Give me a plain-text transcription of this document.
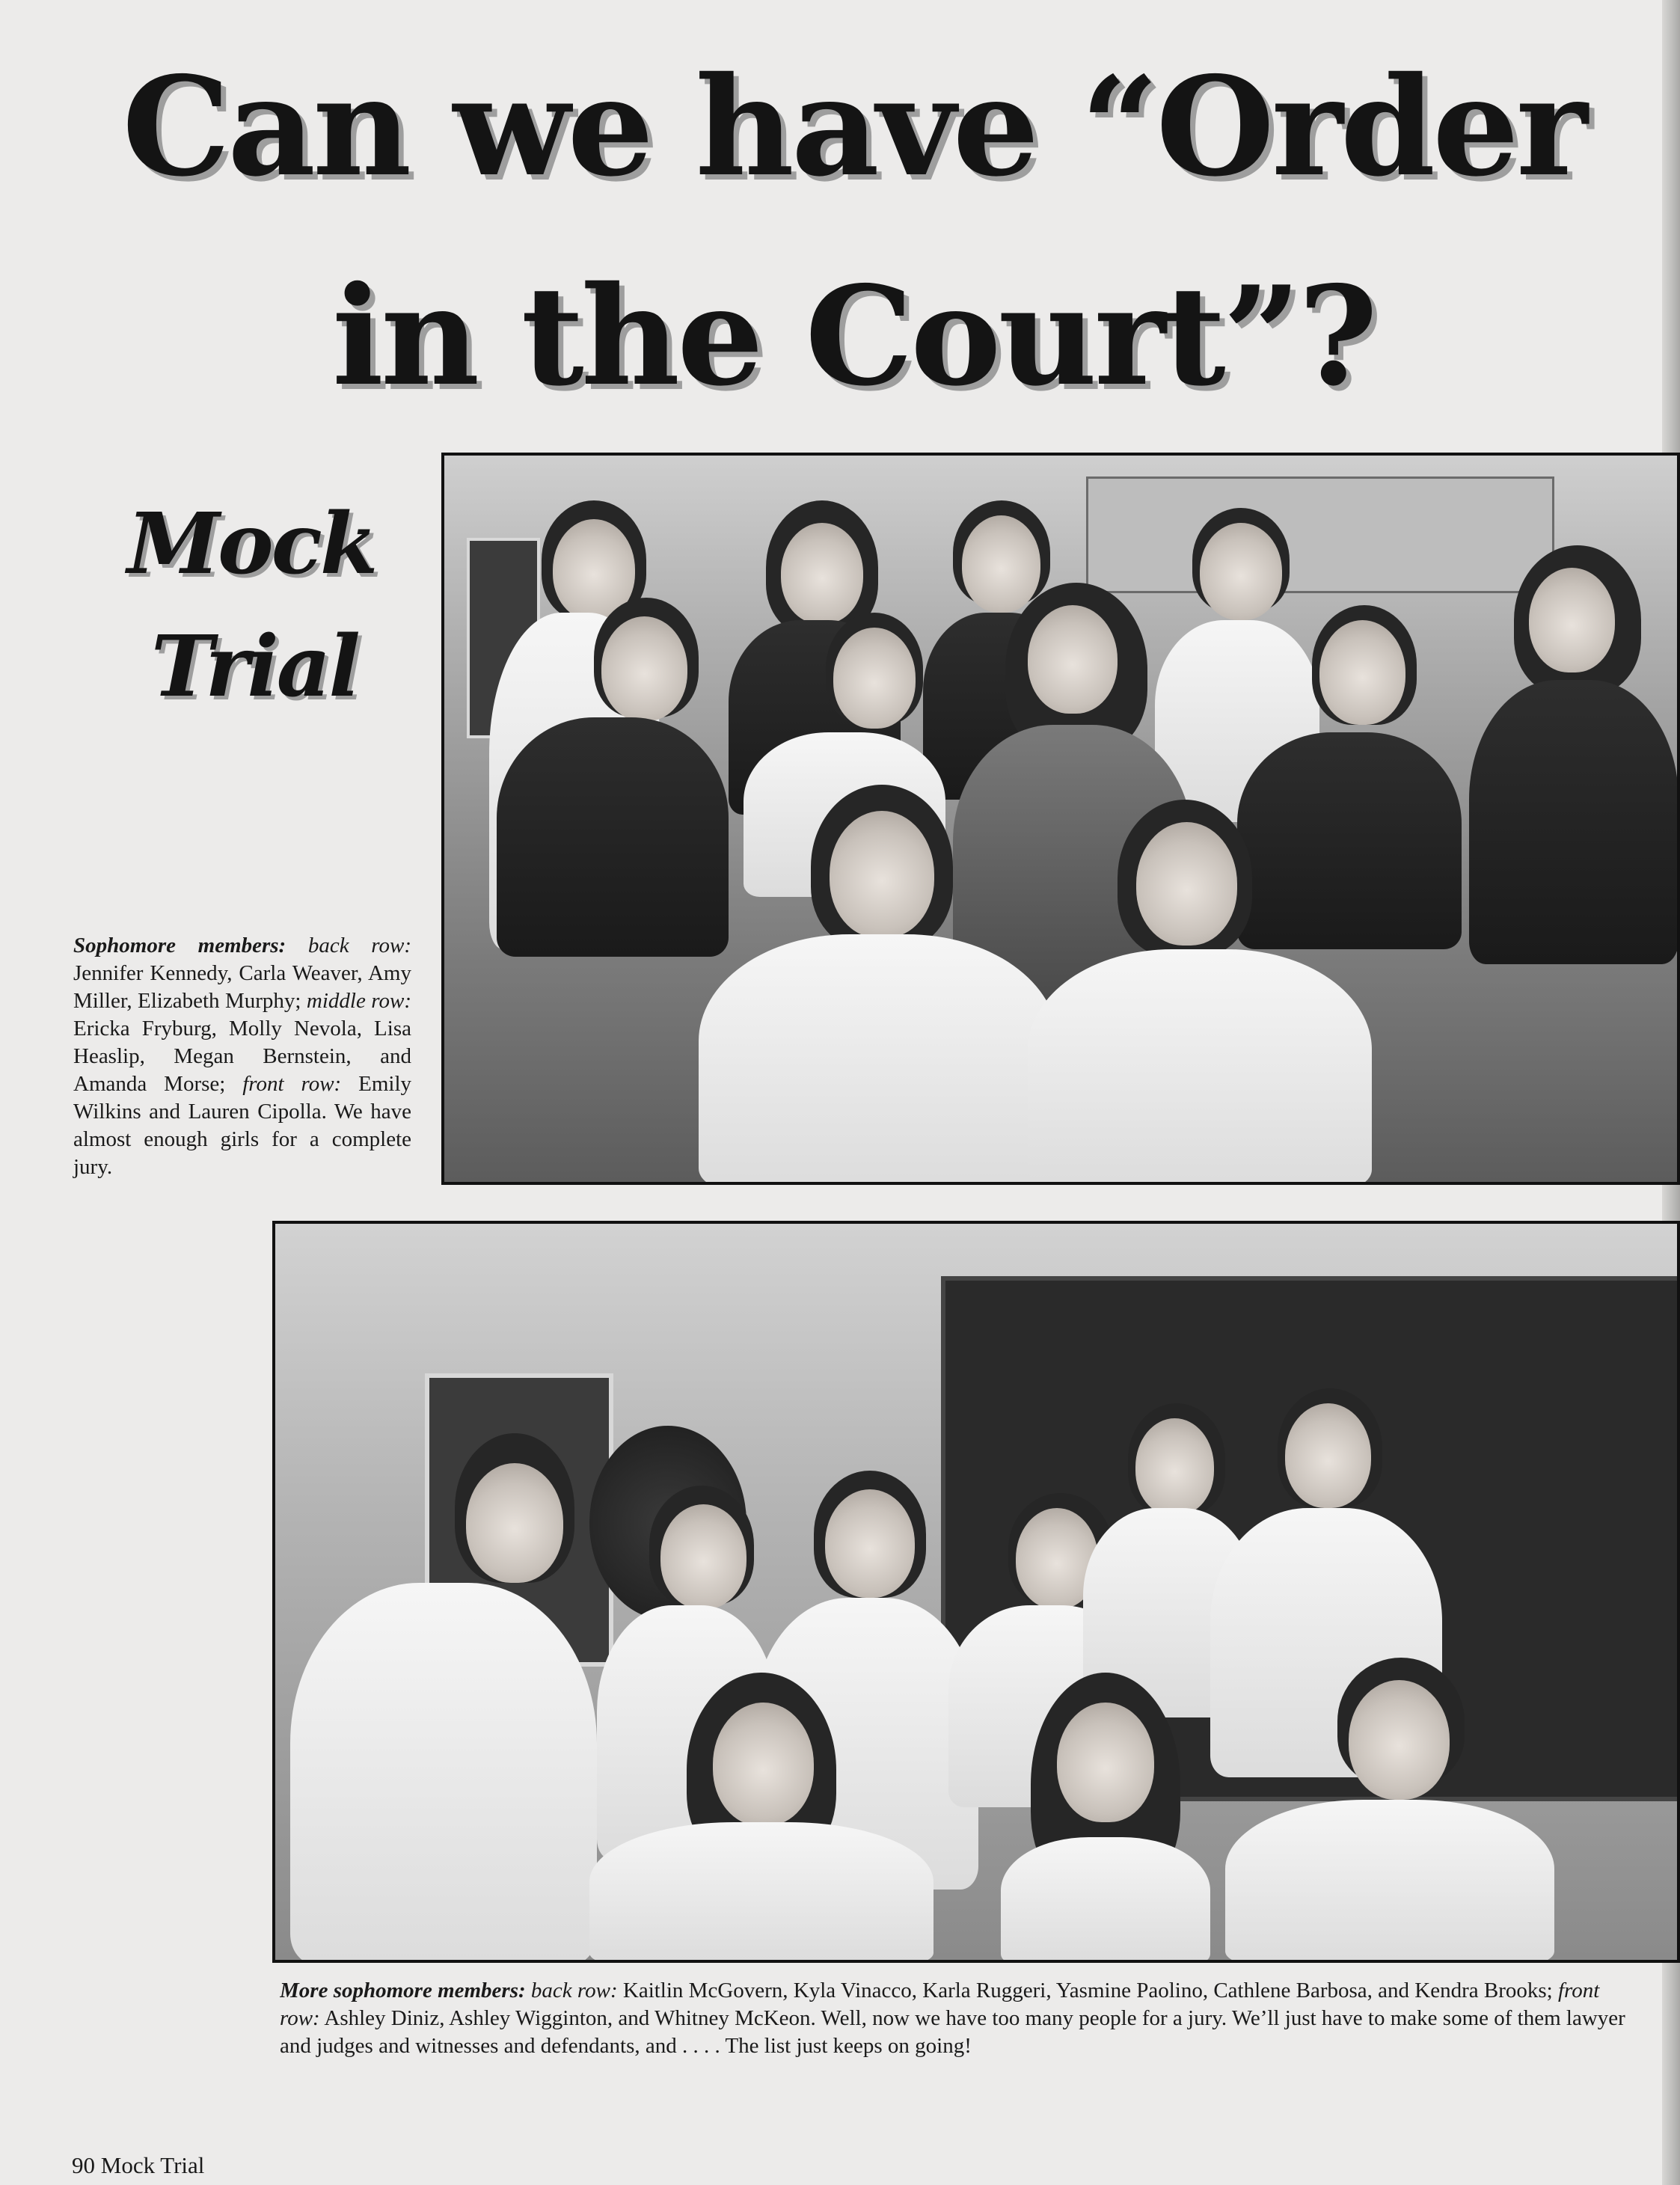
Can we have “Order
in the Court”?
Mock
Trial

Sophomore members: back row: Jennifer Kennedy, Carla Weaver, Amy Miller, Elizabeth Murphy; middle row: Ericka Fryburg, Molly Nevola, Lisa Heaslip, Megan Bernstein, and Amanda Morse; front row: Emily Wilkins and Lauren Cipolla. We have almost enough girls for a complete jury.

More sophomore members: back row: Kaitlin McGovern, Kyla Vinacco, Karla Ruggeri, Yasmine Paolino, Cathlene Barbosa, and Kendra Brooks; front
row: Ashley Diniz, Ashley Wigginton, and Whitney McKeon. Well, now we have too many people for a jury. We’ll just have to make some of them lawyer
and judges and witnesses and defendants, and . . . . The list just keeps on going!

90 Mock Trial
